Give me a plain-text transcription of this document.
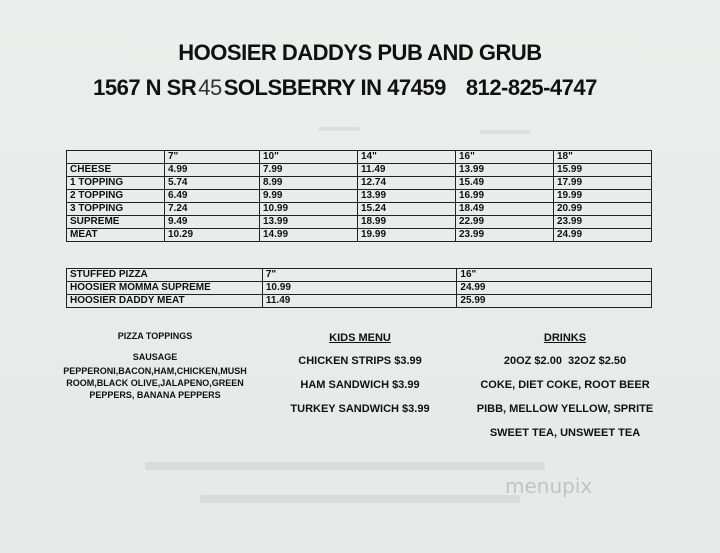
HOOSIER DADDYS PUB AND GRUB
1567 N SR45SOLSBERRY IN 47459 812-825-4747
	7"	10"	14"	16"	18"
CHEESE	4.99	7.99	11.49	13.99	15.99
1 TOPPING	5.74	8.99	12.74	15.49	17.99
2 TOPPING	6.49	9.99	13.99	16.99	19.99
3 TOPPING	7.24	10.99	15.24	18.49	20.99
SUPREME	9.49	13.99	18.99	22.99	23.99
MEAT	10.29	14.99	19.99	23.99	24.99
STUFFED PIZZA	7"	16"
HOOSIER MOMMA SUPREME	10.99	24.99
HOOSIER DADDY MEAT	11.49	25.99
PIZZA TOPPINGS
SAUSAGE
PEPPERONI,BACON,HAM,CHICKEN,MUSH
ROOM,BLACK OLIVE,JALAPENO,GREEN
PEPPERS, BANANA PEPPERS
KIDS MENU
CHICKEN STRIPS $3.99
HAM SANDWICH $3.99
TURKEY SANDWICH $3.99
DRINKS
20OZ $2.00  32OZ $2.50
COKE, DIET COKE, ROOT BEER
PIBB, MELLOW YELLOW, SPRITE
SWEET TEA, UNSWEET TEA
menupix
